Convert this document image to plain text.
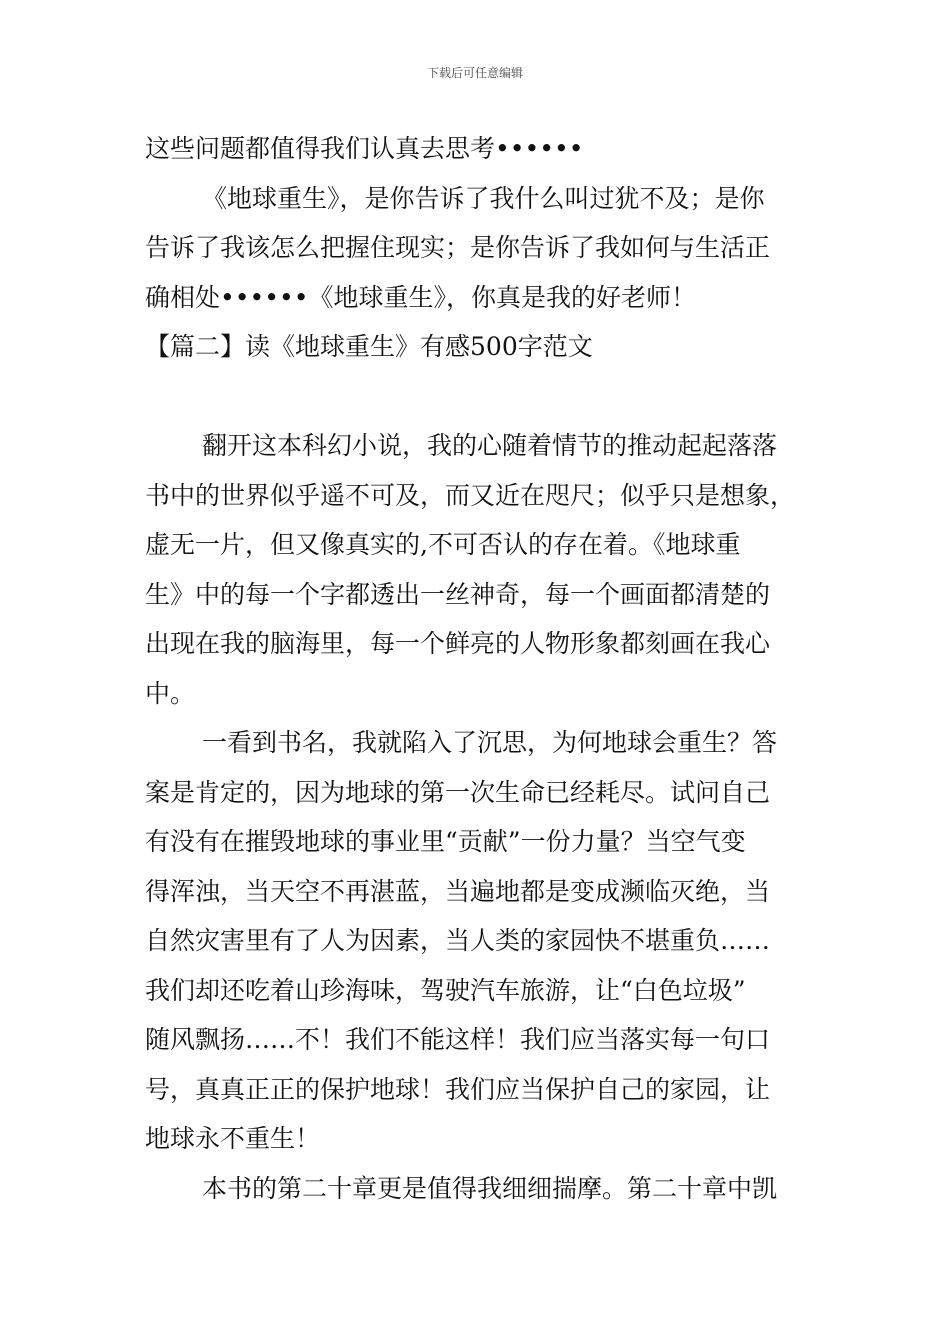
下载后可任意编辑
这些问题都值得我们认真去思考••••••
《地球重生》，是你告诉了我什么叫过犹不及；是你
告诉了我该怎么把握住现实；是你告诉了我如何与生活正
确相处••••••《地球重生》，你真是我的好老师！
【篇二】读《地球重生》有感500字范文
翻开这本科幻小说，我的心随着情节的推动起起落落
书中的世界似乎遥不可及，而又近在咫尺；似乎只是想象，
虚无一片，但又像真实的,不可否认的存在着。《地球重
生》中的每一个字都透出一丝神奇，每一个画面都清楚的
出现在我的脑海里，每一个鲜亮的人物形象都刻画在我心
中。
一看到书名，我就陷入了沉思，为何地球会重生？答
案是肯定的，因为地球的第一次生命已经耗尽。试问自己
有没有在摧毁地球的事业里“贡献”一份力量？当空气变
得浑浊，当天空不再湛蓝，当遍地都是变成濒临灭绝，当
自然灾害里有了人为因素，当人类的家园快不堪重负……
我们却还吃着山珍海味，驾驶汽车旅游，让“白色垃圾”
随风飘扬……不！我们不能这样！我们应当落实每一句口
号，真真正正的保护地球！我们应当保护自己的家园，让
地球永不重生！
本书的第二十章更是值得我细细揣摩。第二十章中凯
